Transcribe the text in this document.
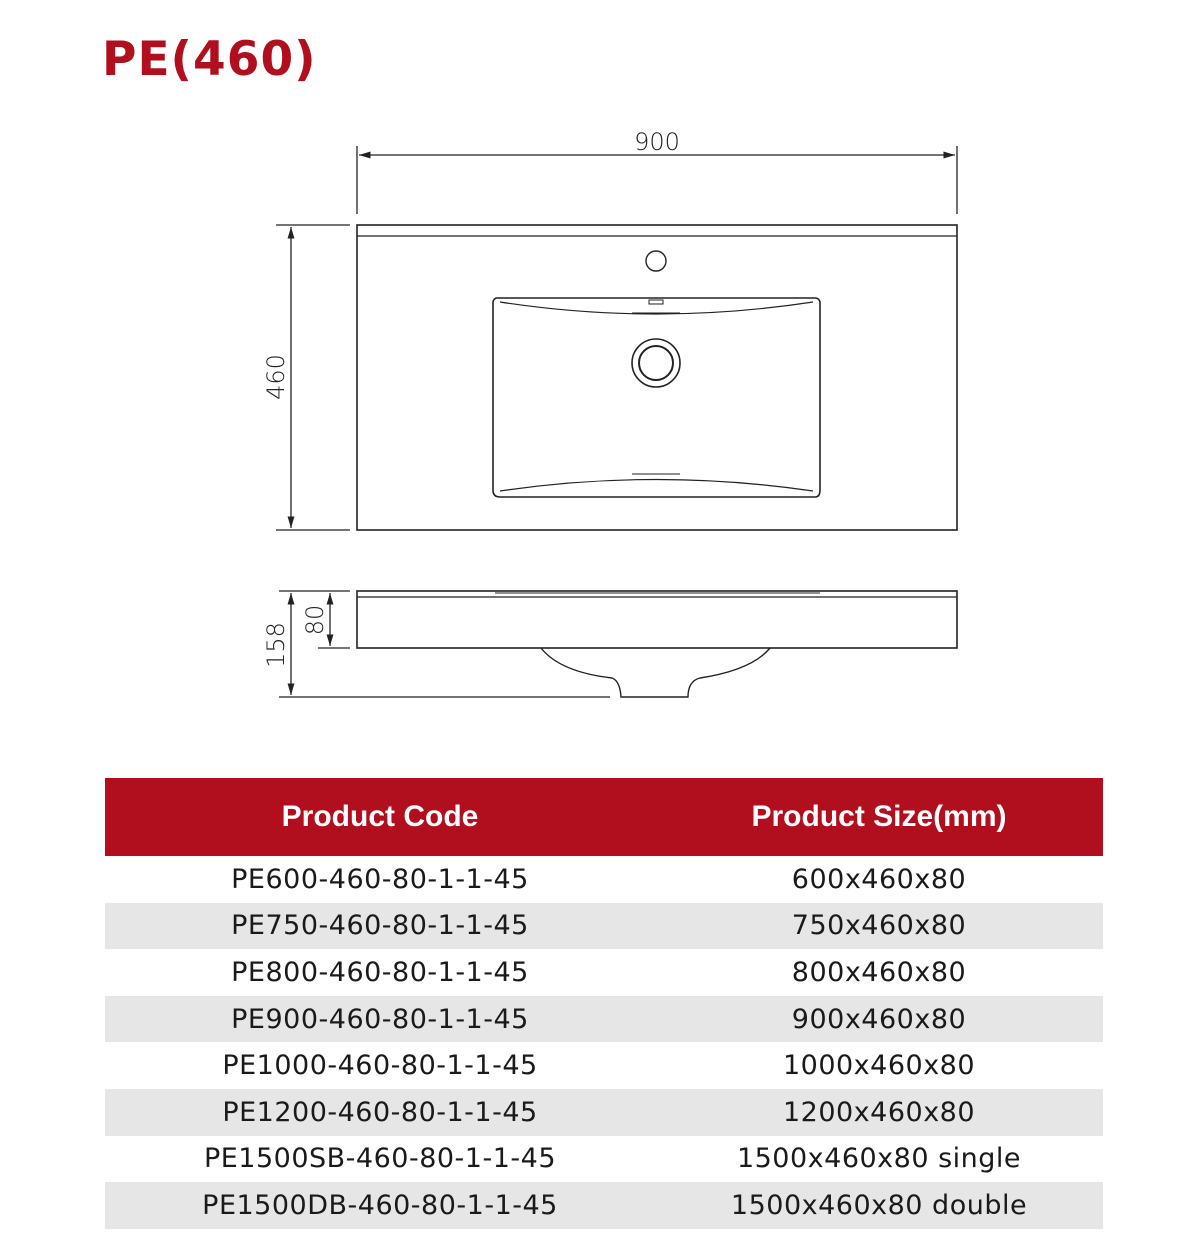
PE(460)
900
460
158
80
Product Code	Product Size(mm)
PE600-460-80-1-1-45	600x460x80
PE750-460-80-1-1-45	750x460x80
PE800-460-80-1-1-45	800x460x80
PE900-460-80-1-1-45	900x460x80
PE1000-460-80-1-1-45	1000x460x80
PE1200-460-80-1-1-45	1200x460x80
PE1500SB-460-80-1-1-45	1500x460x80 single
PE1500DB-460-80-1-1-45	1500x460x80 double
